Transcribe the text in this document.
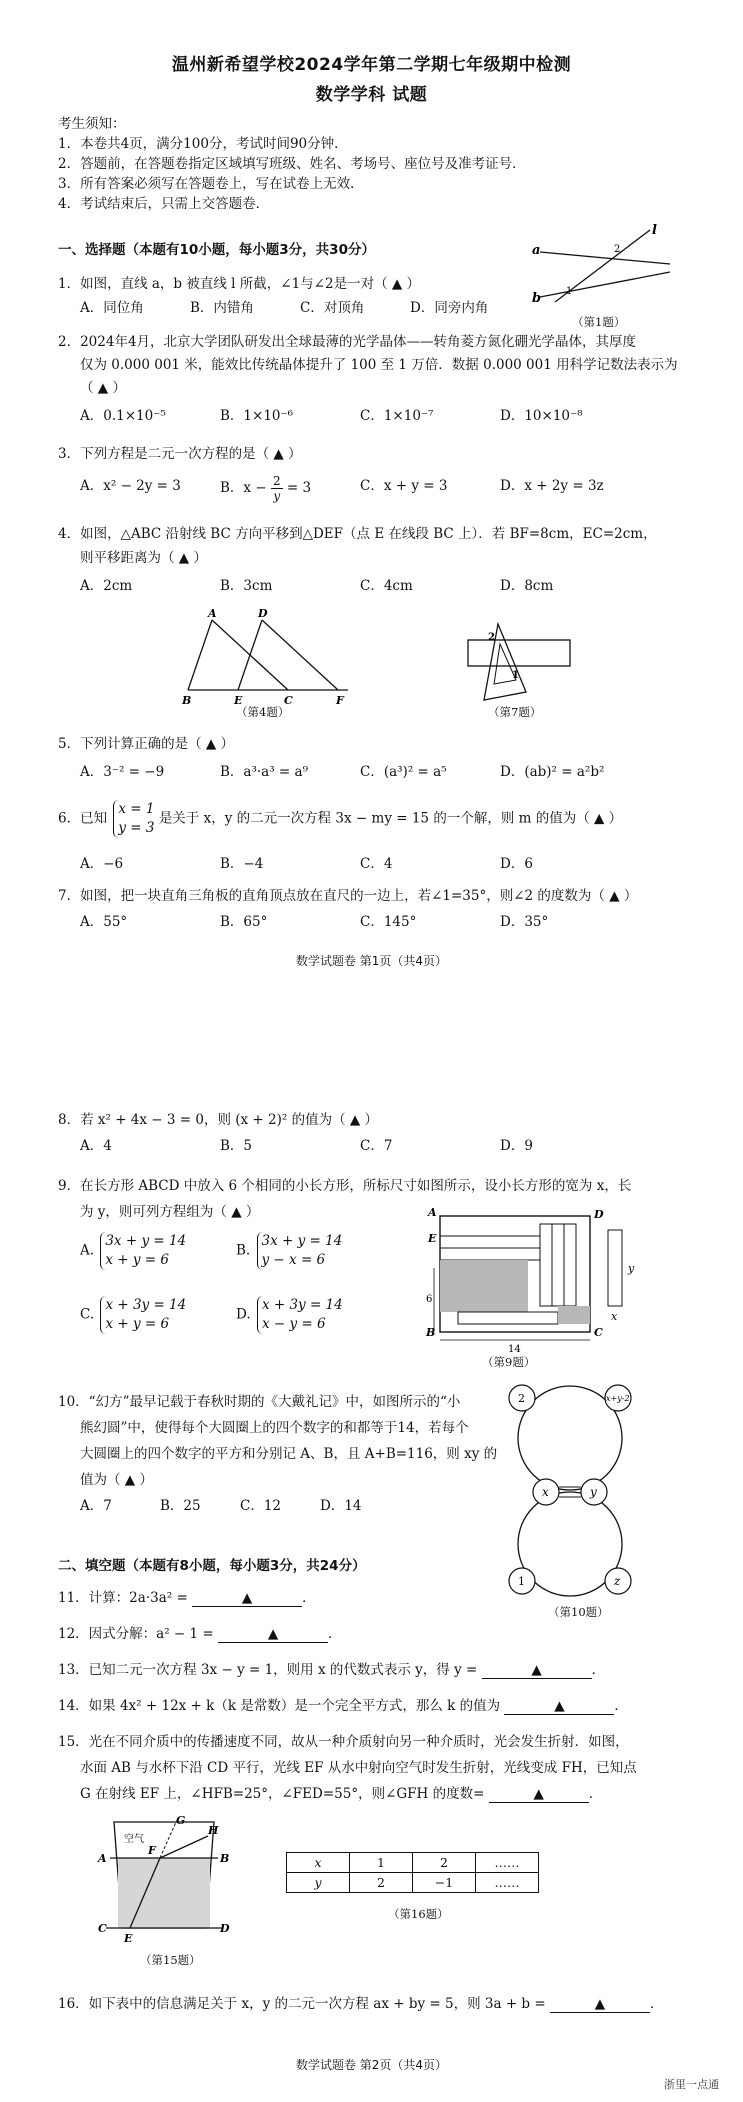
温州新希望学校2024学年第二学期七年级期中检测
数学学科 试题
考生须知：
1．本卷共4页，满分100分，考试时间90分钟．
2．答题前，在答题卷指定区域填写班级、姓名、考场号、座位号及准考证号．
3．所有答案必须写在答题卷上，写在试卷上无效．
4．考试结束后，只需上交答题卷．
一、选择题（本题有10小题，每小题3分，共30分）
1．如图，直线 a，b 被直线 l 所截，∠1与∠2是一对（ ▲ ）
A．同位角	B．内错角	C．对顶角	D．同旁内角
a
b
l
2
1
（第1题）
2．2024年4月，北京大学团队研发出全球最薄的光学晶体——转角菱方氮化硼光学晶体，其厚度
仅为 0.000 001 米，能效比传统晶体提升了 100 至 1 万倍．数据 0.000 001 用科学记数法表示为
（ ▲ ）
A．0.1×10⁻⁵	B．1×10⁻⁶	C．1×10⁻⁷	D．10×10⁻⁸
3．下列方程是二元一次方程的是（ ▲ ）
A．x² − 2y = 3	B．$x - \frac{2}{y} = 3$	C．x + y = 3	D．x + 2y = 3z
4．如图，△ABC 沿射线 BC 方向平移到△DEF（点 E 在线段 BC 上）．若 BF=8cm，EC=2cm，
则平移距离为（ ▲ ）
A．2cm	B．3cm	C．4cm	D．8cm
A	D
B	E	C	F
（第4题）
2
1
（第7题）
5．下列计算正确的是（ ▲ ）
A．3⁻² = −9	B．a³·a³ = a⁹	C．(a³)² = a⁵	D．(ab)² = a²b²
6．已知
x = 1
y = 3
是关于 x，y 的二元一次方程 3x − my = 15 的一个解，则 m 的值为（ ▲ ）
A．−6	B．−4	C．4	D．6
7．如图，把一块直角三角板的直角顶点放在直尺的一边上，若∠1=35°，则∠2 的度数为（ ▲ ）
A．55°	B．65°	C．145°	D．35°
数学试题卷 第1页（共4页）
8．若 x² + 4x − 3 = 0，则 (x + 2)² 的值为（ ▲ ）
A．4	B．5	C．7	D．9
9．在长方形 ABCD 中放入 6 个相同的小长方形，所标尺寸如图所示，设小长方形的宽为 x，长
为 y，则可列方程组为（ ▲ ）
A.
3x + y = 14
x + y = 6
B.
3x + y = 14
y − x = 6
C.
x + 3y = 14
x + y = 6
D.
x + 3y = 14
x − y = 6
A	D
E
6
B	C
14
y
x
（第9题）
10．“幻方”最早记载于春秋时期的《大戴礼记》中，如图所示的“小
熊幻圆”中，使得每个大圆圈上的四个数字的和都等于14，若每个
大圆圈上的四个数字的平方和分别记 A、B，且 A+B=116，则 xy 的
值为（ ▲ ）
A．7	B．25	C．12	D．14
2	x+y-2
x	y
1	z
（第10题）
二、填空题（本题有8小题，每小题3分，共24分）
11．计算：2a·3a² =	▲	．
12．因式分解：a² − 1 =	▲	．
13．已知二元一次方程 3x − y = 1，则用 x 的代数式表示 y，得 y =	▲	．
14．如果 4x² + 12x + k（k 是常数）是一个完全平方式，那么 k 的值为	▲	．
15．光在不同介质中的传播速度不同，故从一种介质射向另一种介质时，光会发生折射．如图，
水面 AB 与水杯下沿 CD 平行，光线 EF 从水中射向空气时发生折射，光线变成 FH，已知点
G 在射线 EF 上，∠HFB=25°，∠FED=55°，则∠GFH 的度数=	▲	．
空气
A	B
C	D
E
F
G
H
（第15题）
x	1	2	……
y	2	−1	……
（第16题）
16．如下表中的信息满足关于 x，y 的二元一次方程 ax + by = 5，则 3a + b =	▲	．
数学试题卷 第2页（共4页）
浙里一点通
